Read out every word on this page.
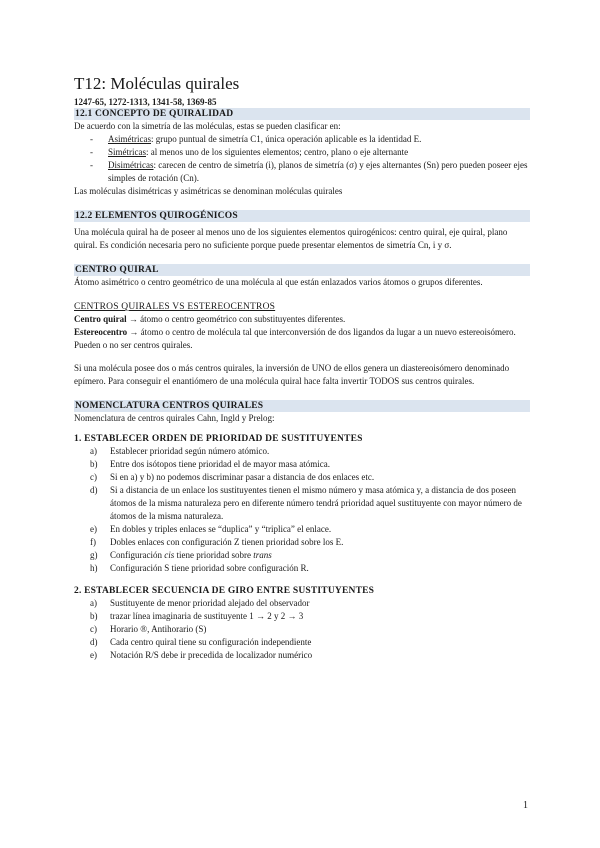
T12: Moléculas quirales
1247-65, 1272-1313, 1341-58, 1369-85
12.1 CONCEPTO DE QUIRALIDAD

De acuerdo con la simetría de las moléculas, estas se pueden clasificar en:

- Asimétricas: grupo puntual de simetría C1, única operación aplicable es la identidad E.
- Simétricas: al menos uno de los siguientes elementos; centro, plano o eje alternante
- Disimétricas: carecen de centro de simetría (i), planos de simetría (σ) y ejes alternantes (Sn) pero pueden poseer ejes simples de rotación (Cn).

Las moléculas disimétricas y asimétricas se denominan moléculas quirales

12.2 ELEMENTOS QUIROGÉNICOS

Una molécula quiral ha de poseer al menos uno de los siguientes elementos quirogénicos: centro quiral, eje quiral, plano quiral. Es condición necesaria pero no suficiente porque puede presentar elementos de simetría Cn, i y σ.

CENTRO QUIRAL

Átomo asimétrico o centro geométrico de una molécula al que están enlazados varios átomos o grupos diferentes.

CENTROS QUIRALES VS ESTEREOCENTROS

Centro quiral → átomo o centro geométrico con substituyentes diferentes.

Estereocentro → átomo o centro de molécula tal que interconversión de dos ligandos da lugar a un nuevo estereoisómero. Pueden o no ser centros quirales.

Si una molécula posee dos o más centros quirales, la inversión de UNO de ellos genera un diastereoisómero denominado epímero. Para conseguir el enantiómero de una molécula quiral hace falta invertir TODOS sus centros quirales.

NOMENCLATURA CENTROS QUIRALES

Nomenclatura de centros quirales Cahn, Ingld y Prelog:

1. ESTABLECER ORDEN DE PRIORIDAD DE SUSTITUYENTES
a) Establecer prioridad según número atómico.
b) Entre dos isótopos tiene prioridad el de mayor masa atómica.
c) Si en a) y b) no podemos discriminar pasar a distancia de dos enlaces etc.
d) Si a distancia de un enlace los sustituyentes tienen el mismo número y masa atómica y, a distancia de dos poseen átomos de la misma naturaleza pero en diferente número tendrá prioridad aquel sustituyente con mayor número de átomos de la misma naturaleza.
e) En dobles y triples enlaces se “duplica” y “triplica” el enlace.
f) Dobles enlaces con configuración Z tienen prioridad sobre los E.
g) Configuración cis tiene prioridad sobre trans
h) Configuración S tiene prioridad sobre configuración R.
2. ESTABLECER SECUENCIA DE GIRO ENTRE SUSTITUYENTES
a) Sustituyente de menor prioridad alejado del observador
b) trazar línea imaginaria de sustituyente 1 → 2 y 2 → 3
c) Horario ®, Antihorario (S)
d) Cada centro quiral tiene su configuración independiente
e) Notación R/S debe ir precedida de localizador numérico
1
